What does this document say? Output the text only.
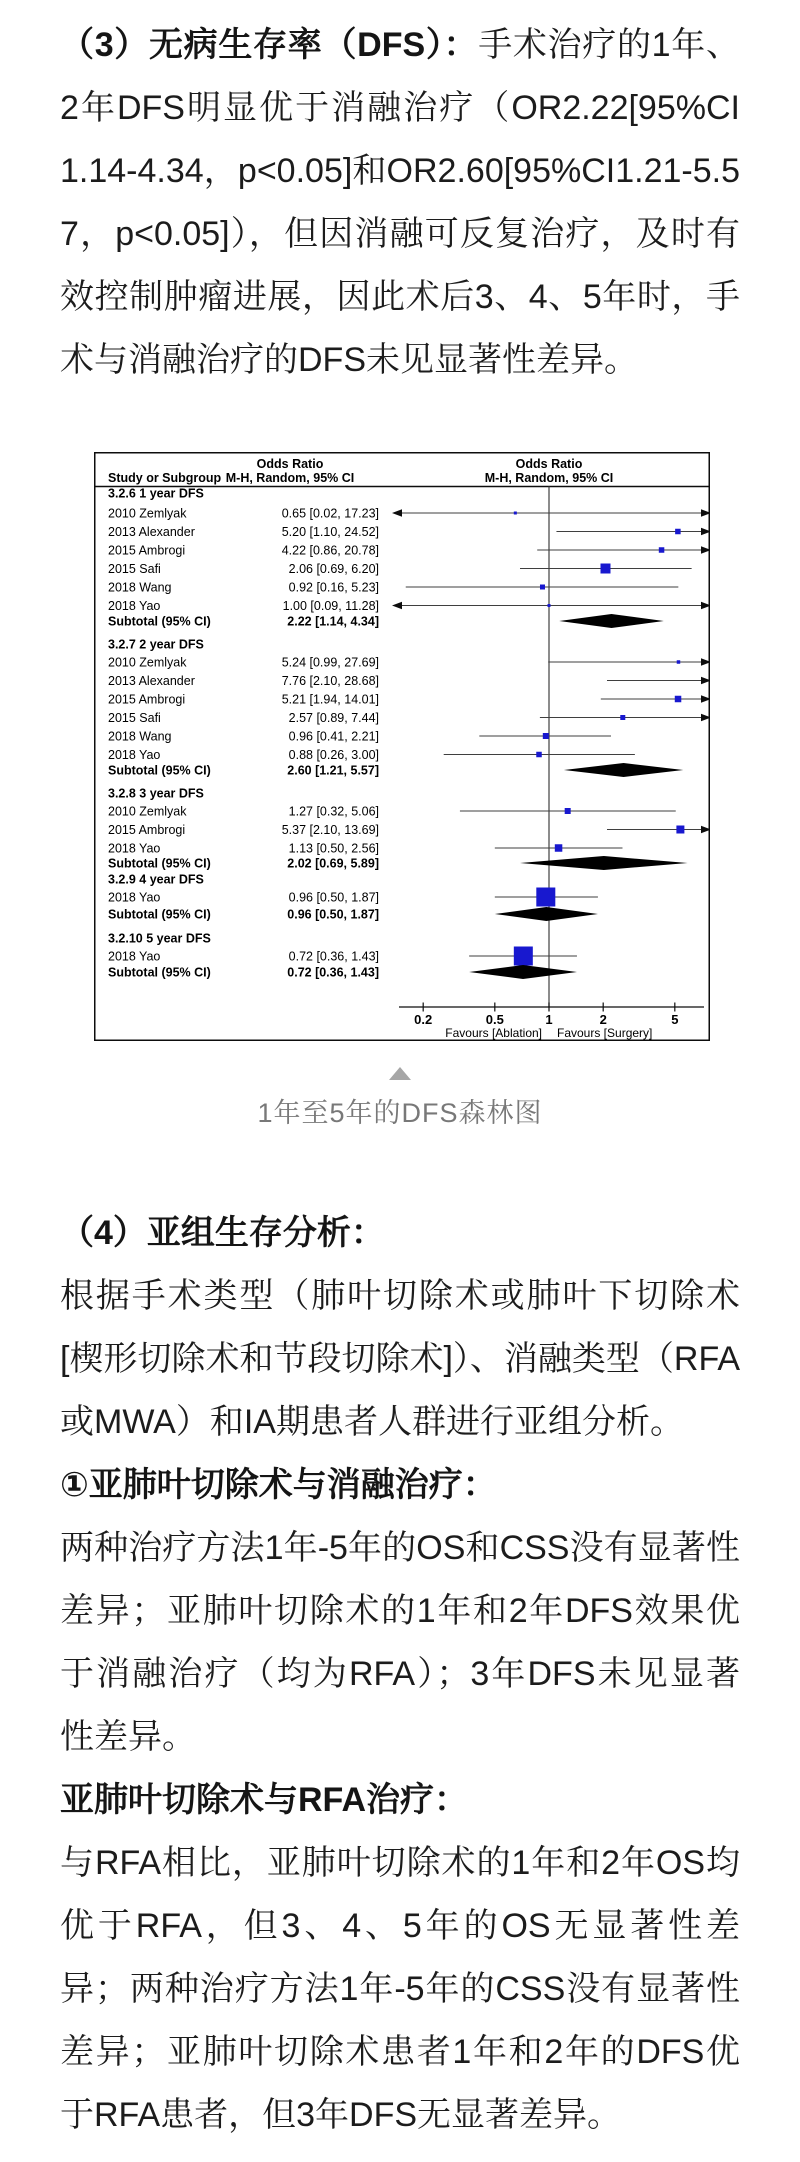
（3）无病生存率（DFS）：手术治疗的1年、2年DFS明显优于消融治疗（OR2.22[95%CI1.14-4.34，p<0.05]和OR2.60[95%CI1.21-5.57，p<0.05]），但因消融可反复治疗，及时有效控制肿瘤进展，因此术后3、4、5年时，手术与消融治疗的DFS未见显著性差异。

Odds Ratio	Odds Ratio
Study or Subgroup M-H, Random, 95% CI	M-H, Random, 95% CI
3.2.6 1 year DFS
2010 Zemlyak	0.65 [0.02, 17.23]
2013 Alexander	5.20 [1.10, 24.52]
2015 Ambrogi	4.22 [0.86, 20.78]
2015 Safi	2.06 [0.69, 6.20]
2018 Wang	0.92 [0.16, 5.23]
2018 Yao	1.00 [0.09, 11.28]
Subtotal (95% CI)	2.22 [1.14, 4.34]
3.2.7 2 year DFS
2010 Zemlyak	5.24 [0.99, 27.69]
2013 Alexander	7.76 [2.10, 28.68]
2015 Ambrogi	5.21 [1.94, 14.01]
2015 Safi	2.57 [0.89, 7.44]
2018 Wang	0.96 [0.41, 2.21]
2018 Yao	0.88 [0.26, 3.00]
Subtotal (95% CI)	2.60 [1.21, 5.57]
3.2.8 3 year DFS
2010 Zemlyak	1.27 [0.32, 5.06]
2015 Ambrogi	5.37 [2.10, 13.69]
2018 Yao	1.13 [0.50, 2.56]
Subtotal (95% CI)	2.02 [0.69, 5.89]
3.2.9 4 year DFS
2018 Yao	0.96 [0.50, 1.87]
Subtotal (95% CI)	0.96 [0.50, 1.87]
3.2.10 5 year DFS
2018 Yao	0.72 [0.36, 1.43]
Subtotal (95% CI)	0.72 [0.36, 1.43]
0.2	0.5	1	2	5
Favours [Ablation] Favours [Surgery]
1年至5年的DFS森林图

（4）亚组生存分析：

根据手术类型（肺叶切除术或肺叶下切除术[楔形切除术和节段切除术]）、消融类型（RFA或MWA）和IA期患者人群进行亚组分析。

①亚肺叶切除术与消融治疗：

两种治疗方法1年-5年的OS和CSS没有显著性差异；亚肺叶切除术的1年和2年DFS效果优于消融治疗（均为RFA）；3年DFS未见显著性差异。

亚肺叶切除术与RFA治疗：

与RFA相比，亚肺叶切除术的1年和2年OS均优于RFA，但3、4、5年的OS无显著性差异；两种治疗方法1年-5年的CSS没有显著性差异；亚肺叶切除术患者1年和2年的DFS优于RFA患者，但3年DFS无显著差异。
